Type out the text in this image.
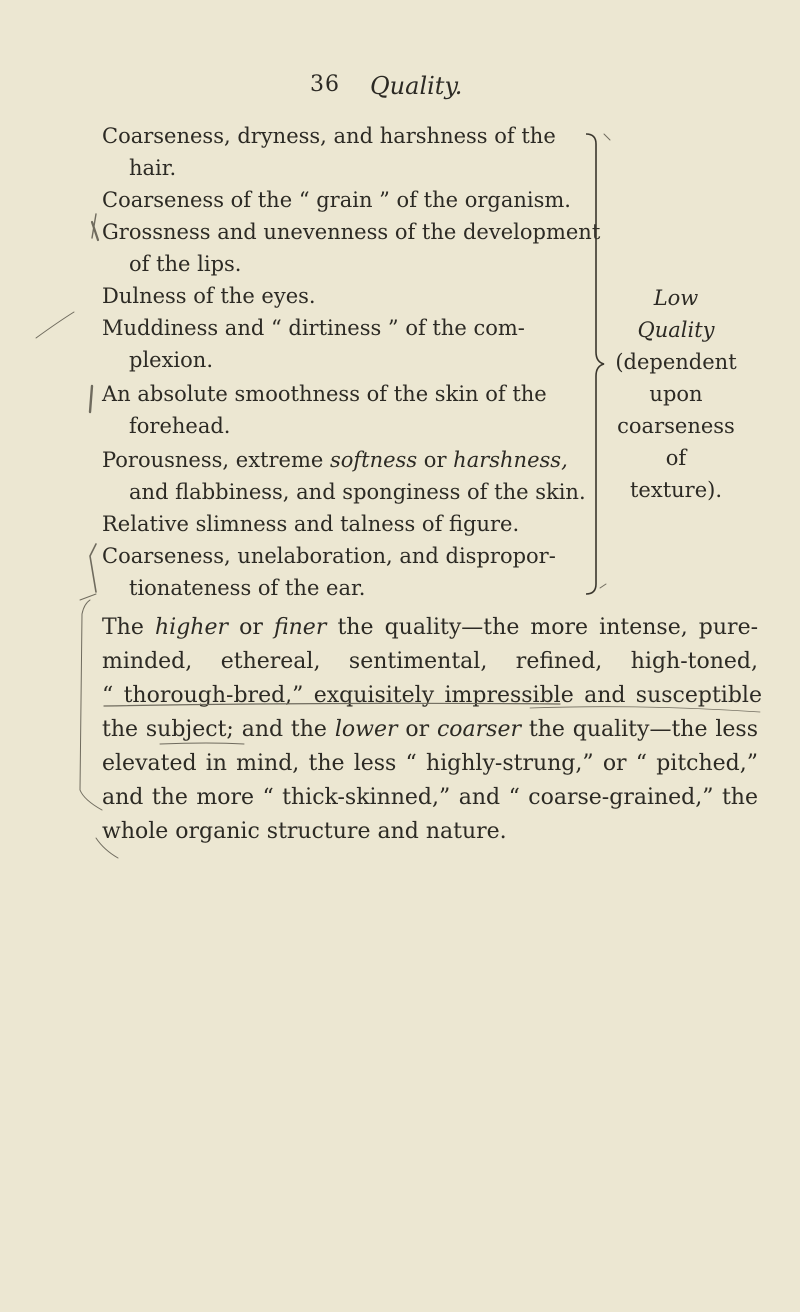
36 Quality.
Coarseness, dryness, and harshness of the
hair.
Coarseness of the “ grain ” of the organism.
Grossness and unevenness of the development
of the lips.
Dulness of the eyes.
Muddiness and “ dirtiness ” of the com-
plexion.
An absolute smoothness of the skin of the
forehead.
Porousness, extreme softness or harshness,
and flabbiness, and sponginess of the skin.
Relative slimness and talness of figure.
Coarseness, unelaboration, and dispropor-
tionateness of the ear.
Low
Quality
(dependent
upon
coarseness
of
texture).
The higher or finer the quality—the more intense, pure-
minded, ethereal, sentimental, refined, high-toned,
“ thorough-bred,” exquisitely impressible and susceptible
the subject; and the lower or coarser the quality—the less
elevated in mind, the less “ highly-strung,” or “ pitched,”
and the more “ thick-skinned,” and “ coarse-grained,” the
whole organic structure and nature.
